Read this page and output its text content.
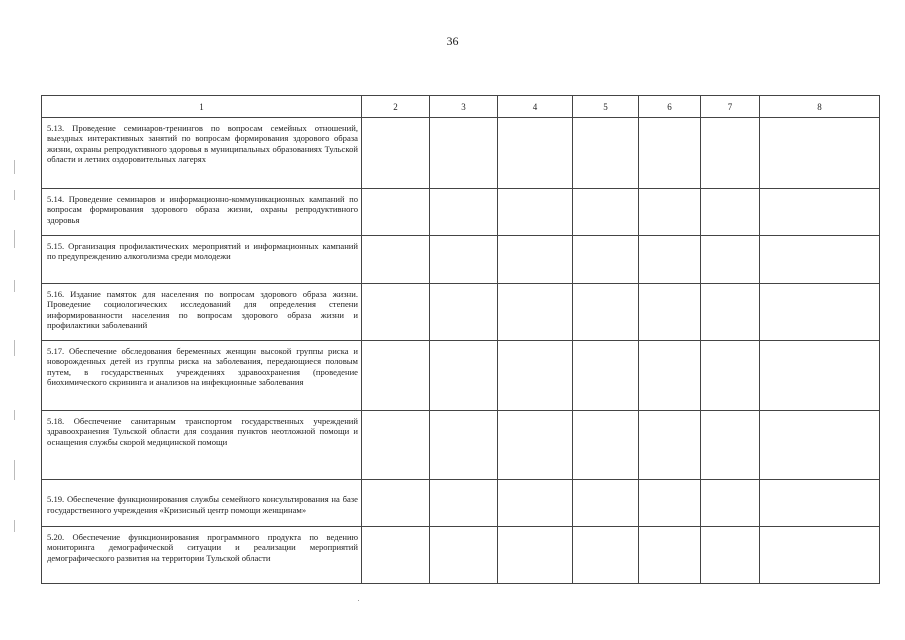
36
1	2	3	4	5	6	7	8
5.13. Проведение семинаров-тренингов по вопросам семейных отношений, выездных интерактивных занятий по вопросам формирования здорового образа жизни, охраны репродуктивного здоровья в муниципальных образованиях Тульской области и летних оздоровительных лагерях							
5.14. Проведение семинаров и информационно-коммуникационных кампаний по вопросам формирования здорового образа жизни, охраны репродуктивного здоровья							
5.15. Организация профилактических мероприятий и информационных кампаний по предупреждению алкоголизма среди молодежи							
5.16. Издание памяток для населения по вопросам здорового образа жизни. Проведение социологических исследований для определения степени информированности населения по вопросам здорового образа жизни и профилактики заболеваний							
5.17. Обеспечение обследования беременных женщин высокой группы риска и новорожденных детей из группы риска на заболевания, передающиеся половым путем, в государственных учреждениях здравоохранения (проведение биохимического скрининга и анализов на инфекционные заболевания							
5.18. Обеспечение санитарным транспортом государственных учреждений здравоохранения Тульской области для создания пунктов неотложной помощи и оснащения службы скорой медицинской помощи							
5.19. Обеспечение функционирования службы семейного консультирования на базе государственного учреждения «Кризисный центр помощи женщинам»							
5.20. Обеспечение функционирования программного продукта по ведению мониторинга демографической ситуации и реализации мероприятий демографического развития на территории Тульской области							
